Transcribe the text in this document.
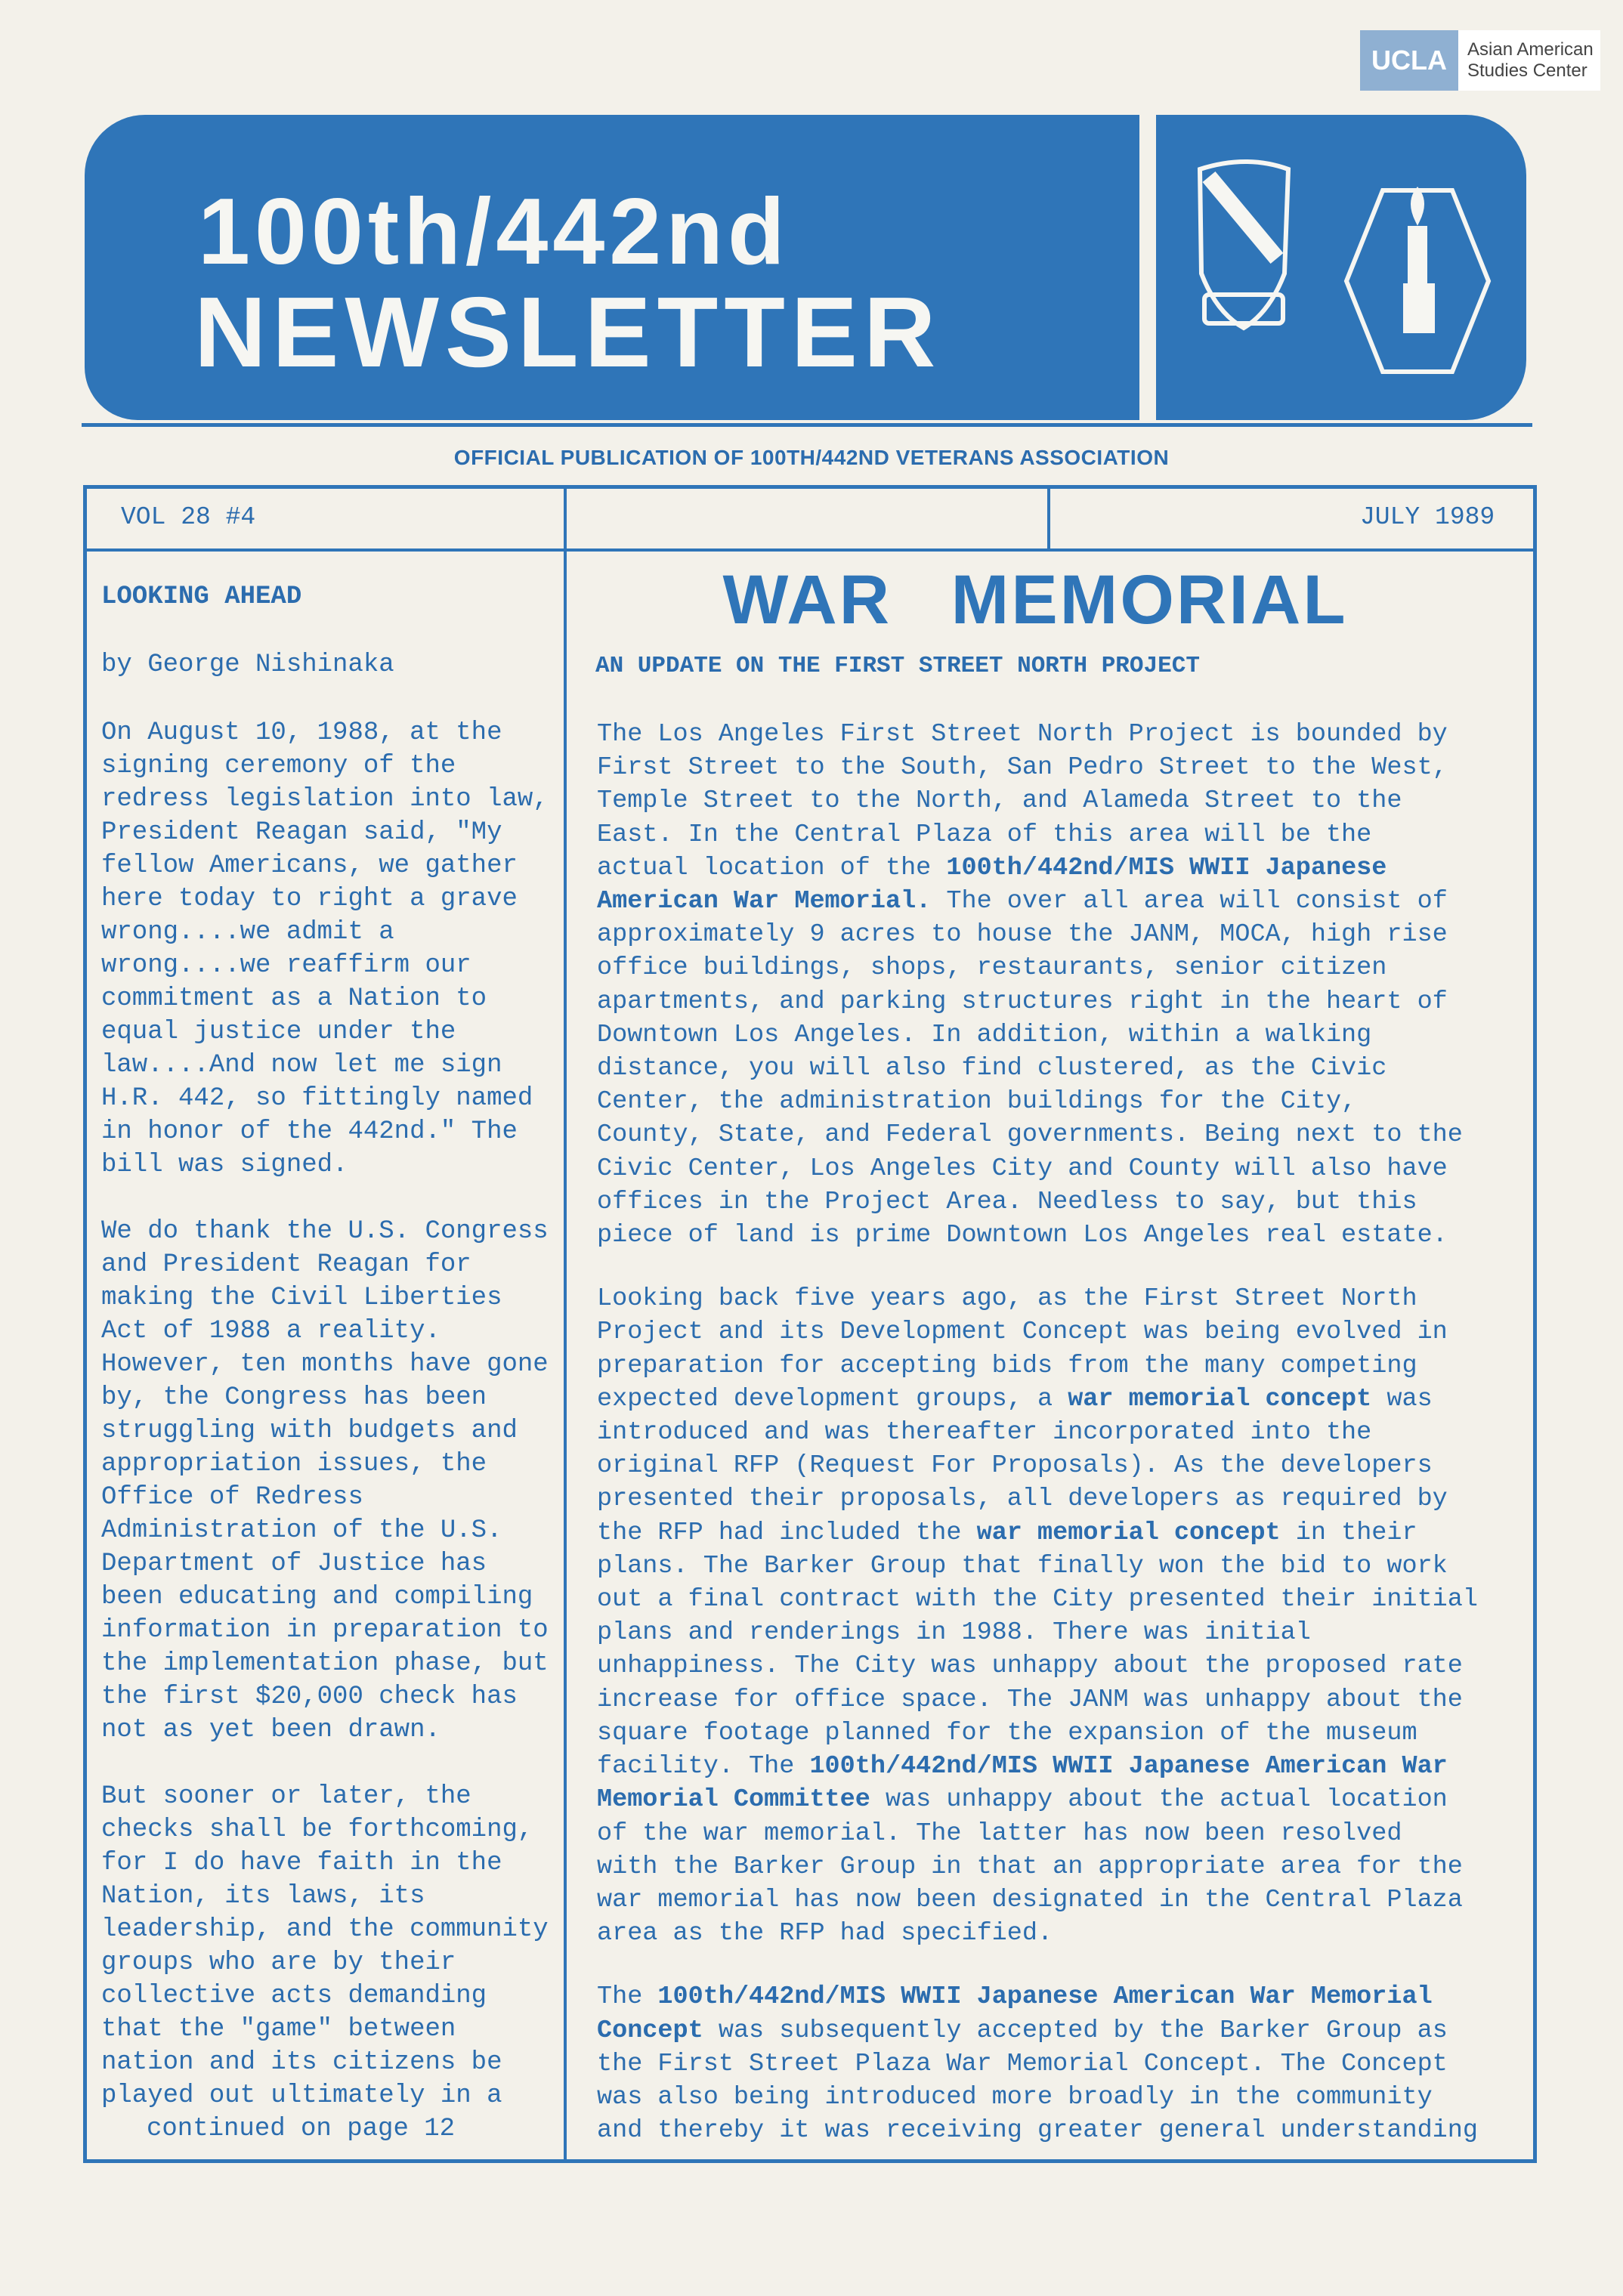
UCLA	Asian American
Studies Center
100th/442nd
NEWSLETTER
OFFICIAL PUBLICATION OF 100TH/442ND VETERANS ASSOCIATION
VOL 28 #4	JULY 1989
LOOKING AHEAD
by George Nishinaka

On August 10, 1988, at the
signing ceremony of the
redress legislation into law,
President Reagan said, "My
fellow Americans, we gather
here today to right a grave
wrong....we admit a
wrong....we reaffirm our
commitment as a Nation to
equal justice under the
law....And now let me sign
H.R. 442, so fittingly named
in honor of the 442nd." The
bill was signed.

We do thank the U.S. Congress
and President Reagan for
making the Civil Liberties
Act of 1988 a reality.
However, ten months have gone
by, the Congress has been
struggling with budgets and
appropriation issues, the
Office of Redress
Administration of the U.S.
Department of Justice has
been educating and compiling
information in preparation to
the implementation phase, but
the first $20,000 check has
not as yet been drawn.

But sooner or later, the
checks shall be forthcoming,
for I do have faith in the
Nation, its laws, its
leadership, and the community
groups who are by their
collective acts demanding
that the "game" between
nation and its citizens be
played out ultimately in a

continued on page 12
WAR MEMORIAL
AN UPDATE ON THE FIRST STREET NORTH PROJECT

The Los Angeles First Street North Project is bounded by
First Street to the South, San Pedro Street to the West,
Temple Street to the North, and Alameda Street to the
East. In the Central Plaza of this area will be the
actual location of the 100th/442nd/MIS WWII Japanese
American War Memorial. The over all area will consist of
approximately 9 acres to house the JANM, MOCA, high rise
office buildings, shops, restaurants, senior citizen
apartments, and parking structures right in the heart of
Downtown Los Angeles. In addition, within a walking
distance, you will also find clustered, as the Civic
Center, the administration buildings for the City,
County, State, and Federal governments. Being next to the
Civic Center, Los Angeles City and County will also have
offices in the Project Area. Needless to say, but this
piece of land is prime Downtown Los Angeles real estate.

Looking back five years ago, as the First Street North
Project and its Development Concept was being evolved in
preparation for accepting bids from the many competing
expected development groups, a war memorial concept was
introduced and was thereafter incorporated into the
original RFP (Request For Proposals). As the developers
presented their proposals, all developers as required by
the RFP had included the war memorial concept in their
plans. The Barker Group that finally won the bid to work
out a final contract with the City presented their initial
plans and renderings in 1988. There was initial
unhappiness. The City was unhappy about the proposed rate
increase for office space. The JANM was unhappy about the
square footage planned for the expansion of the museum
facility. The 100th/442nd/MIS WWII Japanese American War
Memorial Committee was unhappy about the actual location
of the war memorial. The latter has now been resolved
with the Barker Group in that an appropriate area for the
war memorial has now been designated in the Central Plaza
area as the RFP had specified.

The 100th/442nd/MIS WWII Japanese American War Memorial
Concept was subsequently accepted by the Barker Group as
the First Street Plaza War Memorial Concept. The Concept
was also being introduced more broadly in the community
and thereby it was receiving greater general understanding
